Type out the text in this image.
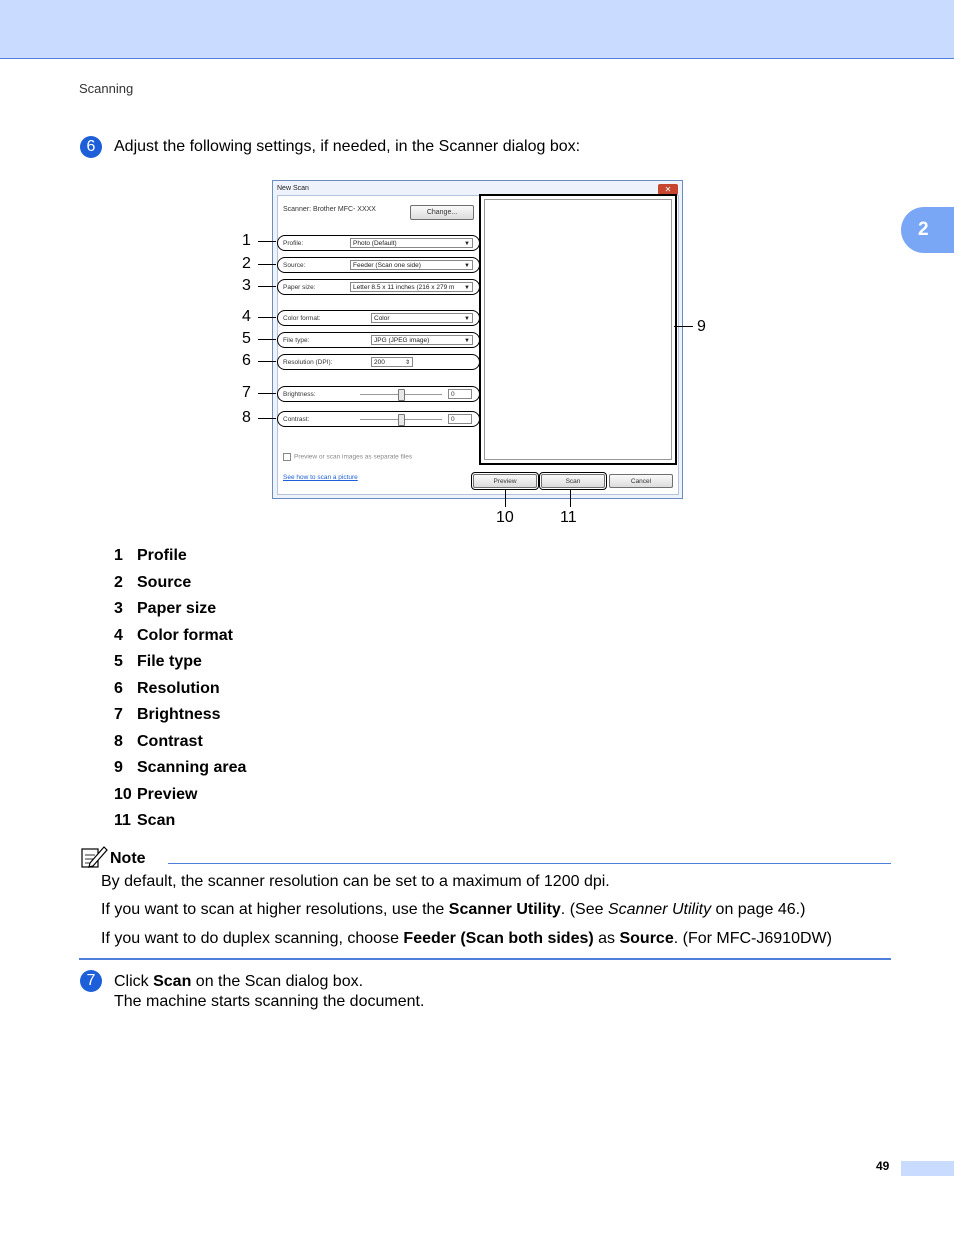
Scanning
2
6	Adjust the following settings, if needed, in the Scanner dialog box:
New Scan	✕
Scanner: Brother MFC- XXXX	Change...
Profile:	Photo (Default)	▼
Source:	Feeder (Scan one side)	▼
Paper size:	Letter 8.5 x 11 inches (216 x 279 m ▼
Color format:	Color	▼
File type:	JPG (JPEG image)	▼
Resolution (DPI):	200	⇕
Brightness:	0
Contrast:	0
Preview or scan images as separate files
See how to scan a picture
Preview	Scan	Cancel
1
2
3
4
5
6
7
8
9
10	11
1 Profile
2 Source
3 Paper size
4 Color format
5 File type
6 Resolution
7 Brightness
8 Contrast
9 Scanning area
10 Preview
11 Scan
Note
By default, the scanner resolution can be set to a maximum of 1200 dpi.
If you want to scan at higher resolutions, use the Scanner Utility. (See Scanner Utility on page 46.)
If you want to do duplex scanning, choose Feeder (Scan both sides) as Source. (For MFC-J6910DW)
7	Click Scan on the Scan dialog box.
The machine starts scanning the document.
49
